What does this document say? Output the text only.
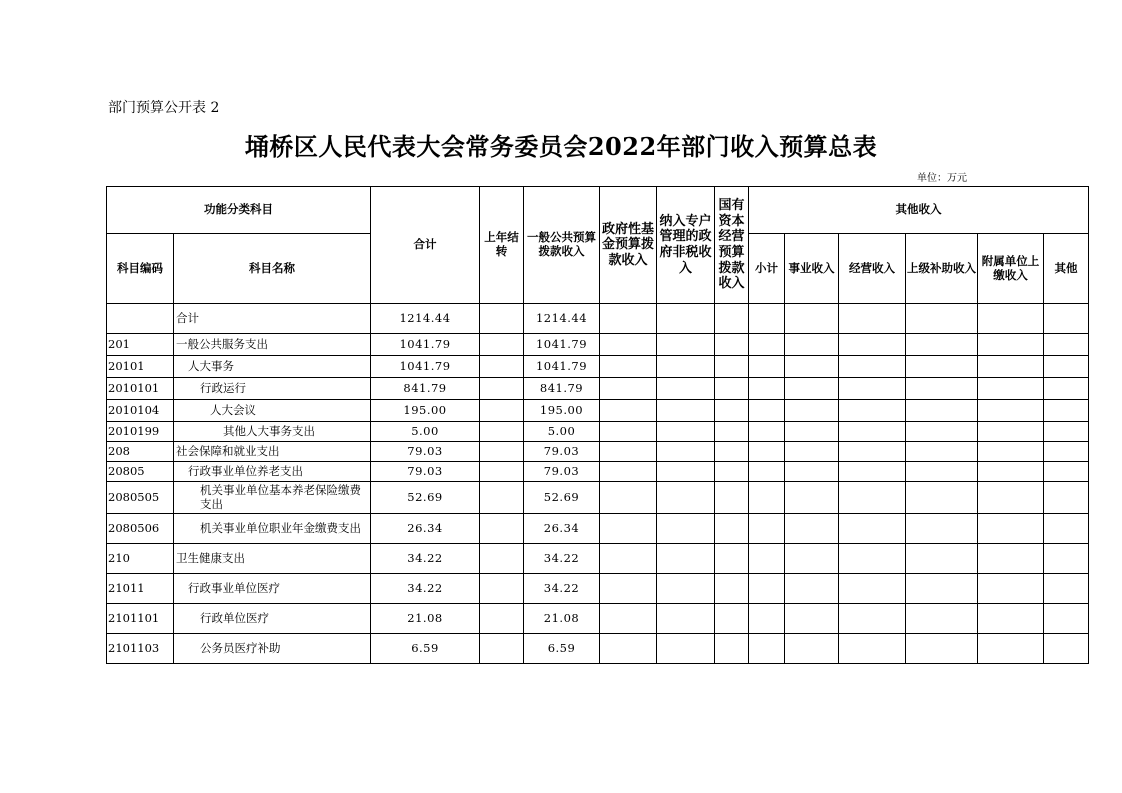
部门预算公开表 2
埇桥区人民代表大会常务委员会2022年部门收入预算总表
单位：万元
功能分类科目		合计	上年结转	一般公共预算拨款收入	政府性基金预算拨款收入	纳入专户管理的政府非税收入	国有资本经营预算拨款收入	其他收入					
科目编码	科目名称							小计	事业收入	经营收入	上级补助收入	附属单位上缴收入	其他
	合计	1214.44		1214.44									
201	一般公共服务支出	1041.79		1041.79									
20101	人大事务	1041.79		1041.79									
2010101	行政运行	841.79		841.79									
2010104	人大会议	195.00		195.00									
2010199	其他人大事务支出	5.00		5.00									
208	社会保障和就业支出	79.03		79.03									
20805	行政事业单位养老支出	79.03		79.03									
2080505	机关事业单位基本养老保险缴费支出	52.69		52.69									
2080506	机关事业单位职业年金缴费支出	26.34		26.34									
210	卫生健康支出	34.22		34.22									
21011	行政事业单位医疗	34.22		34.22									
2101101	行政单位医疗	21.08		21.08									
2101103	公务员医疗补助	6.59		6.59									
